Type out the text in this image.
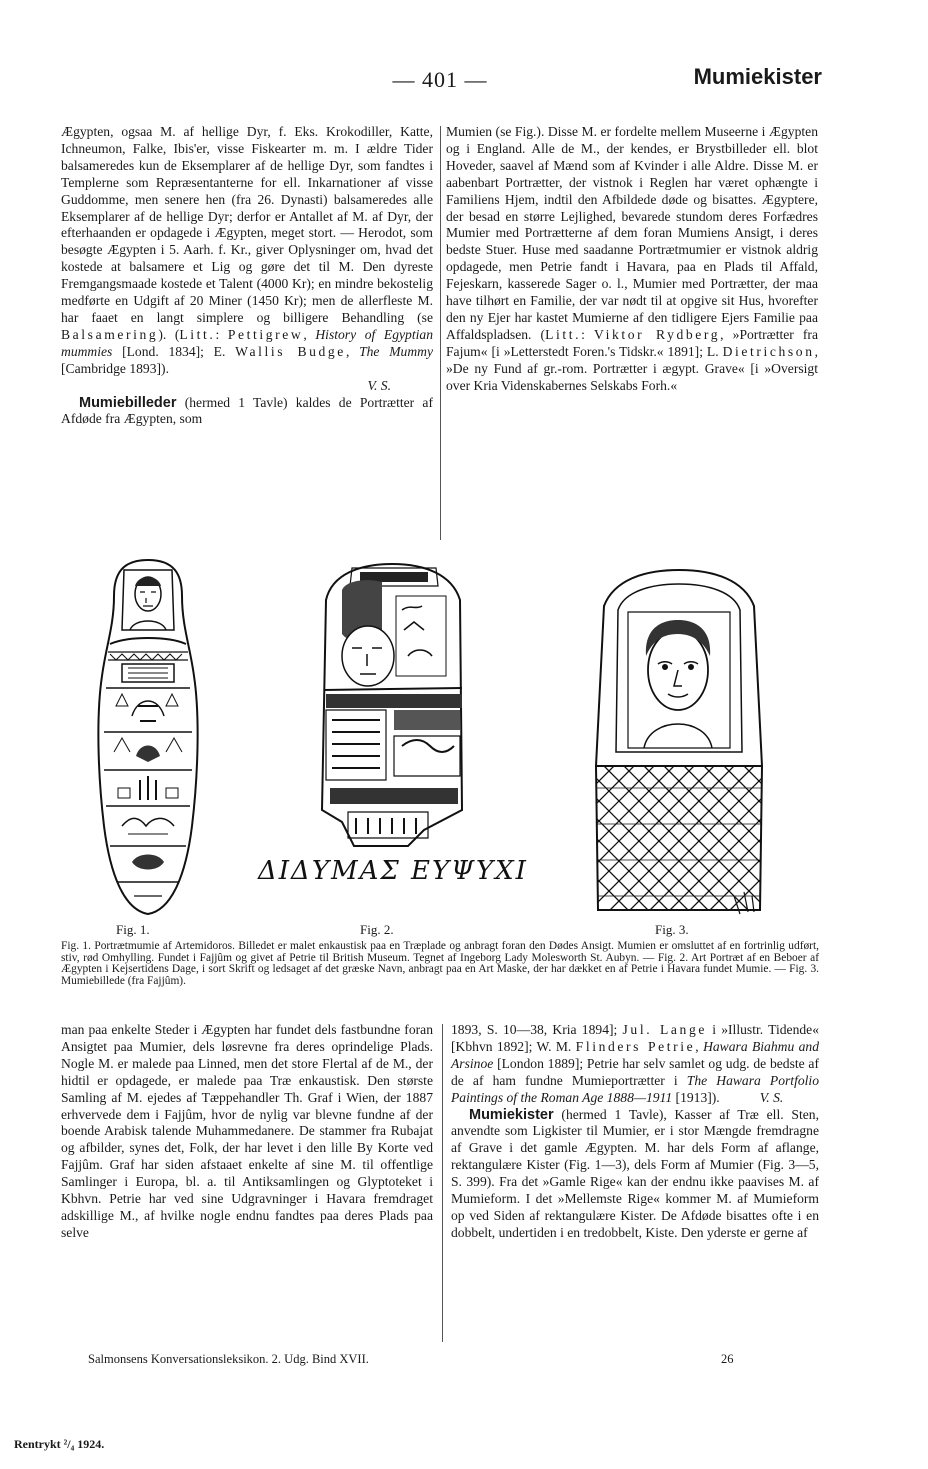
— 401 —	Mumiekister

Ægypten, ogsaa M. af hellige Dyr, f. Eks. Krokodiller, Katte, Ichneumon, Falke, Ibis'er, visse Fiskearter m. m. I ældre Tider balsameredes kun de Eksemplarer af de hellige Dyr, som fandtes i Templerne som Repræsentanterne for ell. Inkarnationer af visse Guddomme, men senere hen (fra 26. Dynasti) balsameredes alle Eksemplarer af de hellige Dyr; derfor er Antallet af M. af Dyr, der efterhaanden er opdagede i Ægypten, meget stort. — Herodot, som besøgte Ægypten i 5. Aarh. f. Kr., giver Oplysninger om, hvad det kostede at balsamere et Lig og gøre det til M. Den dyreste Fremgangsmaade kostede et Talent (4000 Kr); en mindre bekostelig medførte en Udgift af 20 Miner (1450 Kr); men de allerfleste M. har faaet en langt simplere og billigere Behandling (se Balsamering). (Litt.: Pettigrew, History of Egyptian mummies [Lond. 1834]; E. Wallis Budge, The Mummy [Cambridge 1893]).
V. S.

Mumiebilleder (hermed 1 Tavle) kaldes de Portrætter af Afdøde fra Ægypten, som

Mumien (se Fig.). Disse M. er fordelte mellem Museerne i Ægypten og i England. Alle de M., der kendes, er Brystbilleder ell. blot Hoveder, saavel af Mænd som af Kvinder i alle Aldre. Disse M. er aabenbart Portrætter, der vistnok i Reglen har været ophængte i Familiens Hjem, indtil den Afbildede døde og bisattes. Ægyptere, der besad en større Lejlighed, bevarede stundom deres Forfædres Mumier med Portrætterne af dem foran Mumiens Ansigt, i deres bedste Stuer. Huse med saadanne Portrætmumier er vistnok aldrig opdagede, men Petrie fandt i Havara, paa en Plads til Affald, Fejeskarn, kasserede Sager o. l., Mumier med Portrætter, der maa have tilhørt en Familie, der var nødt til at opgive sit Hus, hvorefter den ny Ejer har kastet Mumierne af den tidligere Ejers Familie paa Affaldspladsen. (Litt.: Viktor Rydberg, »Portrætter fra Fajum« [i »Letterstedt Foren.'s Tidskr.« 1891]; L. Dietrichson, »De ny Fund af gr.-rom. Portrætter i ægypt. Grave« [i »Oversigt over Kria Videnskabernes Selskabs Forh.«

ΔΙΔΥΜΑΣ ΕΥΨΥΧΙ
Fig. 1.	Fig. 2.	Fig. 3.
Fig. 1. Portrætmumie af Artemidoros. Billedet er malet enkaustisk paa en Træplade og anbragt foran den Dødes Ansigt. Mumien er omsluttet af en fortrinlig udført, stiv, rød Omhylling. Fundet i Fajjûm og givet af Petrie til British Museum. Tegnet af Ingeborg Lady Molesworth St. Aubyn. — Fig. 2. Art Portræt af en Beboer af Ægypten i Kejsertidens Dage, i sort Skrift og ledsaget af det græske Navn, anbragt paa en Art Maske, der har dækket en af Petrie i Havara fundet Mumie. — Fig. 3. Mumiebillede (fra Fajjûm).

man paa enkelte Steder i Ægypten har fundet dels fastbundne foran Ansigtet paa Mumier, dels løsrevne fra deres oprindelige Plads. Nogle M. er malede paa Linned, men det store Flertal af de M., der hidtil er opdagede, er malede paa Træ enkaustisk. Den største Samling af M. ejedes af Tæppehandler Th. Graf i Wien, der 1887 erhvervede dem i Fajjûm, hvor de nylig var blevne fundne af der boende Arabisk talende Muhammedanere. De stammer fra Rubajat og afbilder, synes det, Folk, der har levet i den lille By Korte ved Fajjûm. Graf har siden afstaaet enkelte af sine M. til offentlige Samlinger i Europa, bl. a. til Antiksamlingen og Glyptoteket i Kbhvn. Petrie har ved sine Udgravninger i Havara fremdraget adskillige M., af hvilke nogle endnu fandtes paa deres Plads paa selve

1893, S. 10—38, Kria 1894]; Jul. Lange i »Illustr. Tidende« [Kbhvn 1892]; W. M. Flinders Petrie, Hawara Biahmu and Arsinoe [London 1889]; Petrie har selv samlet og udg. de bedste af de af ham fundne Mumieportrætter i The Hawara Portfolio Paintings of the Roman Age 1888—1911 [1913]).	V. S.

Mumiekister (hermed 1 Tavle), Kasser af Træ ell. Sten, anvendte som Ligkister til Mumier, er i stor Mængde fremdragne af Grave i det gamle Ægypten. M. har dels Form af aflange, rektangulære Kister (Fig. 1—3), dels Form af Mumier (Fig. 3—5, S. 399). Fra det »Gamle Rige« kan der endnu ikke paavises M. af Mumieform. I det »Mellemste Rige« kommer M. af Mumieform op ved Siden af rektangulære Kister. De Afdøde bisattes ofte i en dobbelt, undertiden i en tredobbelt, Kiste. Den yderste er gerne af

Salmonsens Konversationsleksikon. 2. Udg. Bind XVII.	26
Rentrykt ²/₄ 1924.
